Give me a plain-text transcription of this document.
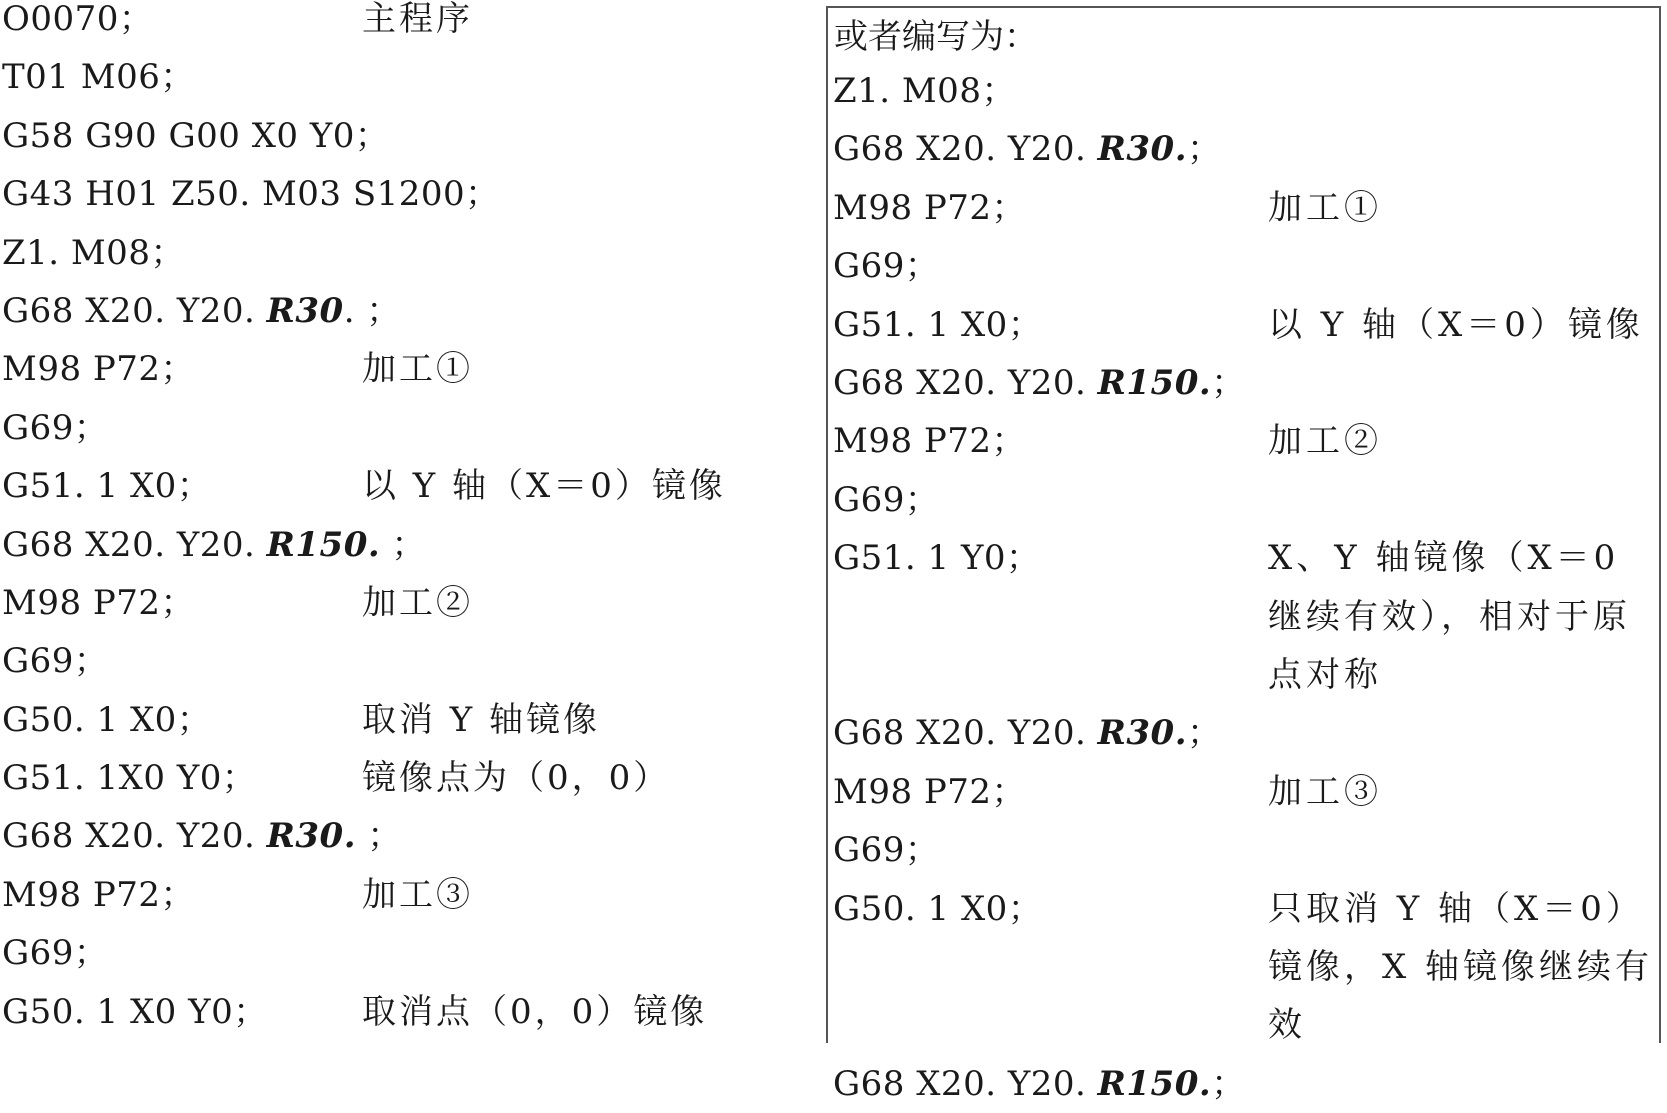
O0070；	主程序
T01 M06；
G58 G90 G00 X0 Y0；
G43 H01 Z50. M03 S1200；
Z1. M08；
G68 X20. Y20. R30. ；
M98 P72；	加工①
G69；
G51. 1 X0；	以 Y 轴（X＝0）镜像
G68 X20. Y20. R150. ；
M98 P72；	加工②
G69；
G50. 1 X0；	取消 Y 轴镜像
G51. 1X0 Y0；	镜像点为（0，0）
G68 X20. Y20. R30. ；
M98 P72；	加工③
G69；
G50. 1 X0 Y0；	取消点（0，0）镜像
或者编写为：
Z1. M08；
G68 X20. Y20. R30.；
M98 P72；	加工①
G69；
G51. 1 X0；	以 Y 轴（X＝0）镜像
G68 X20. Y20. R150.；
M98 P72；	加工②
G69；
G51. 1 Y0；	X、Y 轴镜像（X＝0 继续有效），相对于原点对称
G68 X20. Y20. R30.；
M98 P72；	加工③
G69；
G50. 1 X0；	只取消 Y 轴（X＝0）镜像，X 轴镜像继续有效
G68 X20. Y20. R150.；
